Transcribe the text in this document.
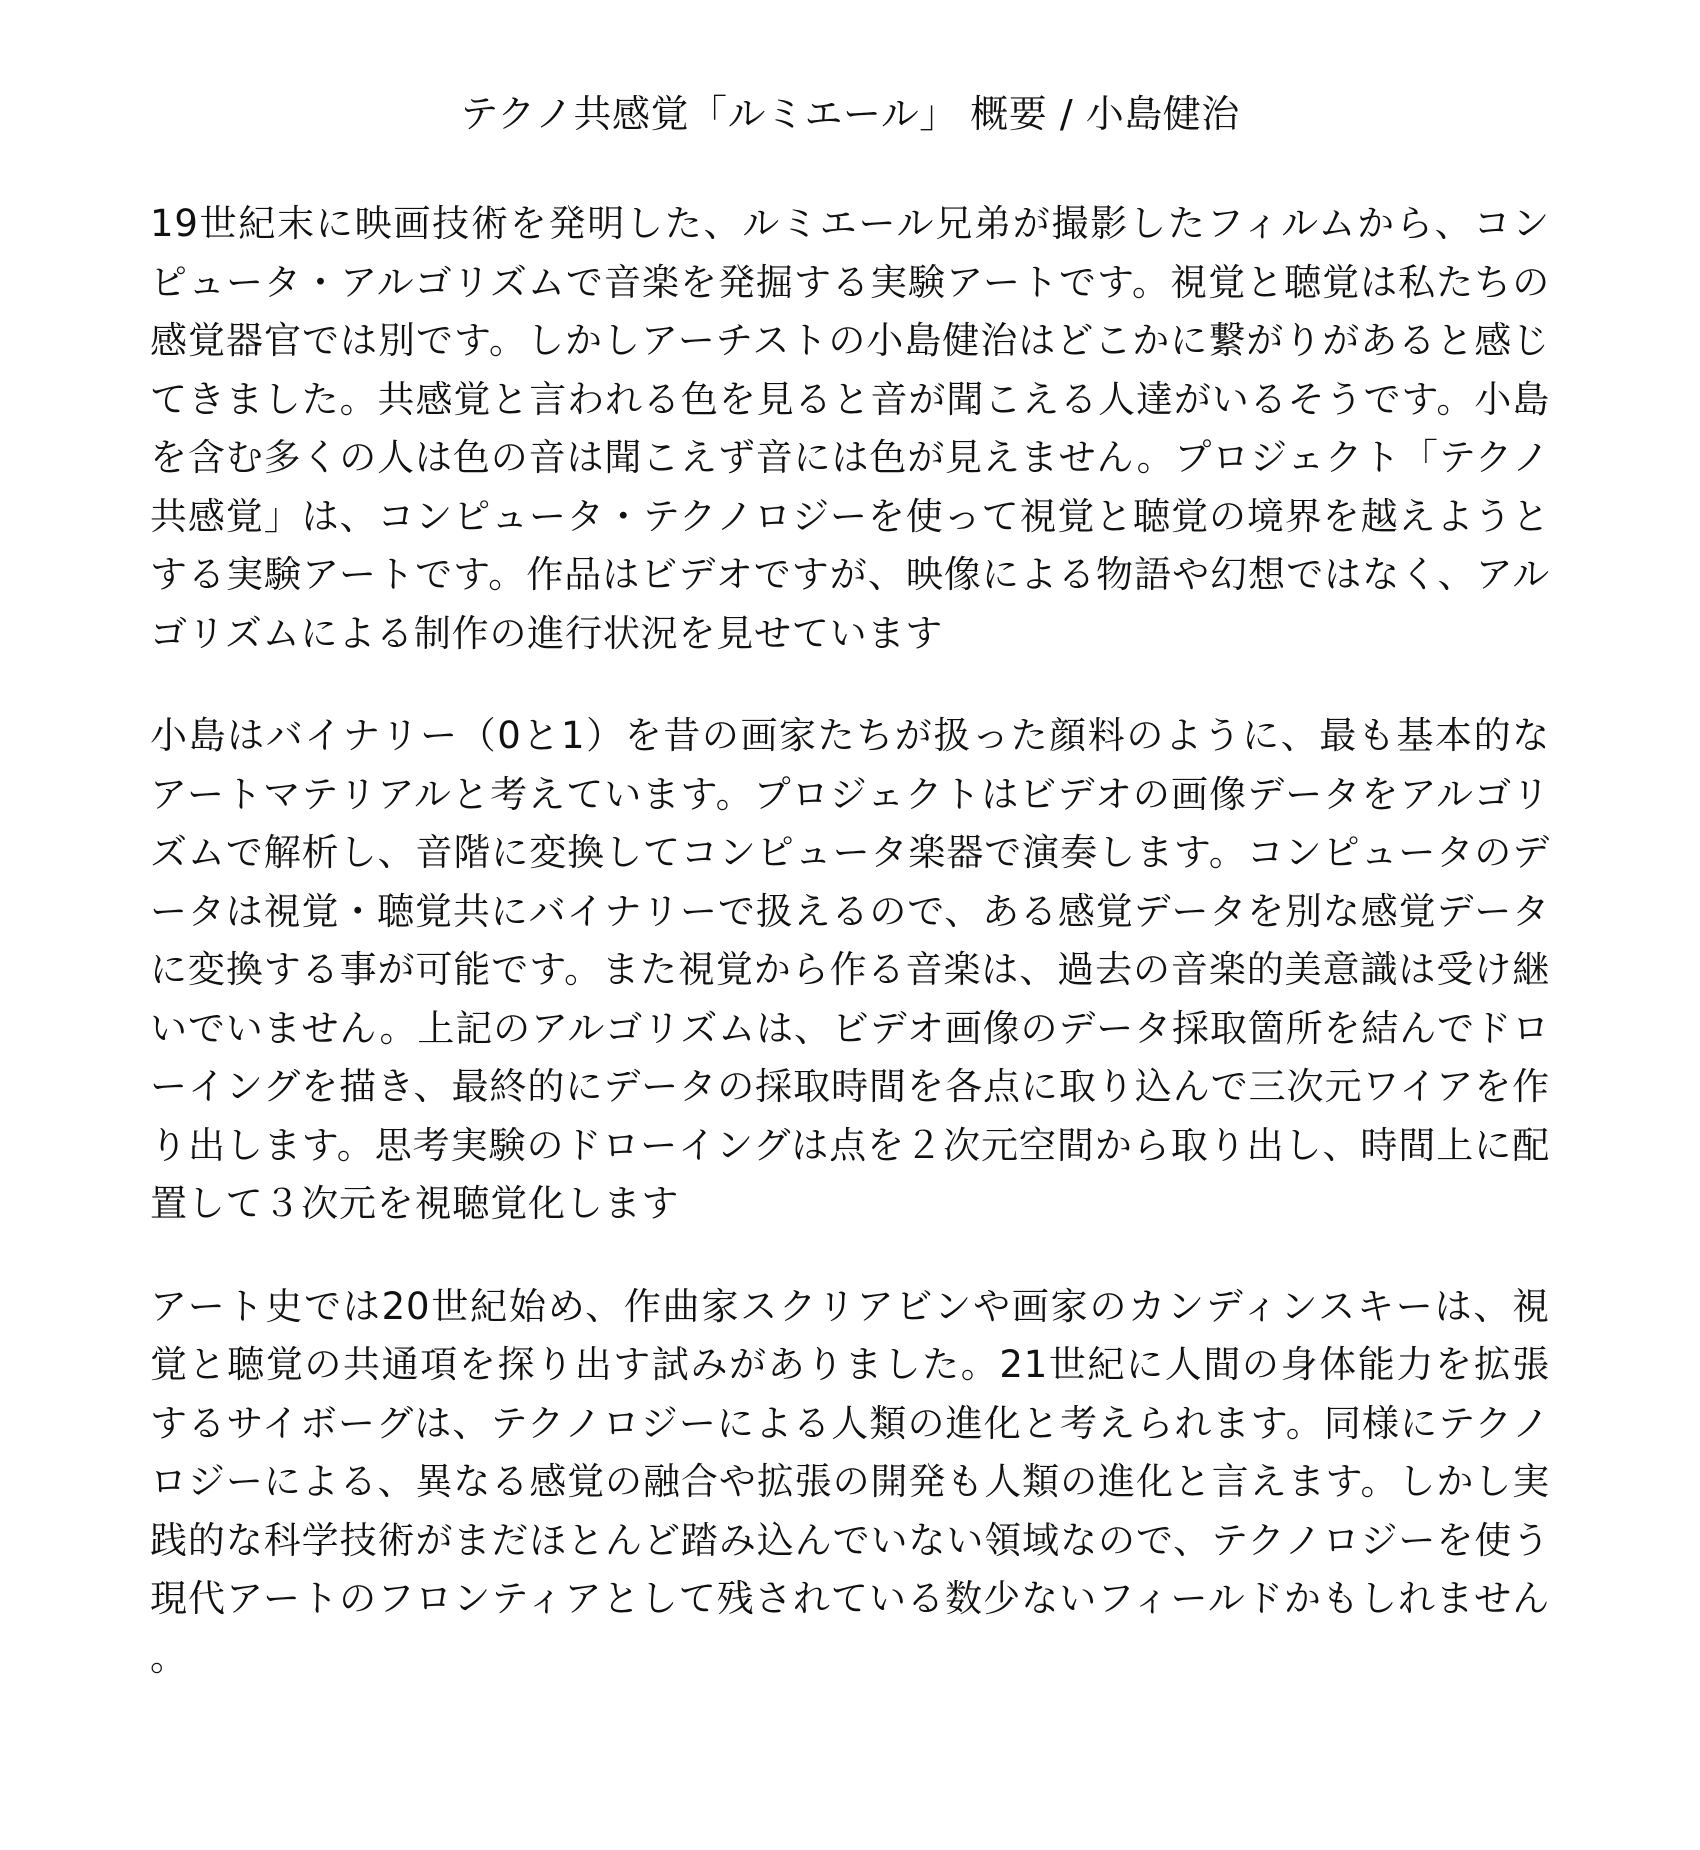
テクノ共感覚「ルミエール」 概要 / 小島健治

19世紀末に映画技術を発明した、ルミエール兄弟が撮影したフィルムから、コンピュータ・アルゴリズムで音楽を発掘する実験アートです。視覚と聴覚は私たちの感覚器官では別です。しかしアーチストの小島健治はどこかに繋がりがあると感じてきました。共感覚と言われる色を見ると音が聞こえる人達がいるそうです。小島を含む多くの人は色の音は聞こえず音には色が見えません。プロジェクト「テクノ共感覚」は、コンピュータ・テクノロジーを使って視覚と聴覚の境界を越えようとする実験アートです。作品はビデオですが、映像による物語や幻想ではなく、アルゴリズムによる制作の進行状況を見せています

小島はバイナリー（0と1）を昔の画家たちが扱った顔料のように、最も基本的なアートマテリアルと考えています。プロジェクトはビデオの画像データをアルゴリズムで解析し、音階に変換してコンピュータ楽器で演奏します。コンピュータのデータは視覚・聴覚共にバイナリーで扱えるので、ある感覚データを別な感覚データに変換する事が可能です。また視覚から作る音楽は、過去の音楽的美意識は受け継いでいません。上記のアルゴリズムは、ビデオ画像のデータ採取箇所を結んでドローイングを描き、最終的にデータの採取時間を各点に取り込んで三次元ワイアを作り出します。思考実験のドローイングは点を２次元空間から取り出し、時間上に配置して３次元を視聴覚化します

アート史では20世紀始め、作曲家スクリアビンや画家のカンディンスキーは、視覚と聴覚の共通項を探り出す試みがありました。21世紀に人間の身体能力を拡張するサイボーグは、テクノロジーによる人類の進化と考えられます。同様にテクノロジーによる、異なる感覚の融合や拡張の開発も人類の進化と言えます。しかし実践的な科学技術がまだほとんど踏み込んでいない領域なので、テクノロジーを使う現代アートのフロンティアとして残されている数少ないフィールドかもしれません。
